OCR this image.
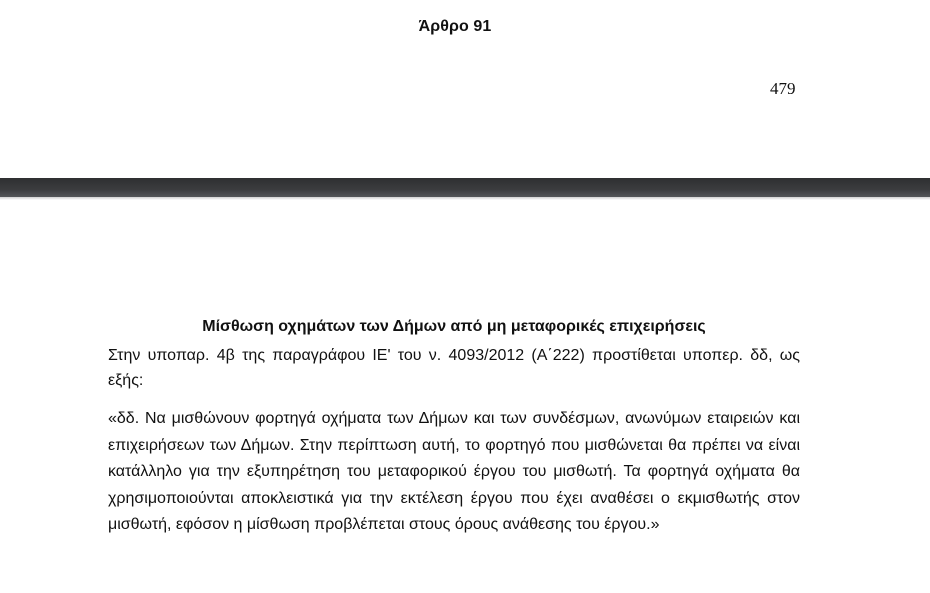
Άρθρο 91
479
Μίσθωση οχημάτων των Δήμων από μη μεταφορικές επιχειρήσεις
Στην υποπαρ. 4β της παραγράφου ΙΕ' του ν. 4093/2012 (Α΄222) προστίθεται υποπερ. δδ, ως εξής:
«δδ. Να μισθώνουν φορτηγά οχήματα των Δήμων και των συνδέσμων, ανωνύμων εταιρειών και επιχειρήσεων των Δήμων. Στην περίπτωση αυτή, το φορτηγό που μισθώνεται θα πρέπει να είναι κατάλληλο για την εξυπηρέτηση του μεταφορικού έργου του μισθωτή. Τα φορτηγά οχήματα θα χρησιμοποιούνται αποκλειστικά για την εκτέλεση έργου που έχει αναθέσει ο εκμισθωτής στον μισθωτή, εφόσον η μίσθωση προβλέπεται στους όρους ανάθεσης του έργου.»
